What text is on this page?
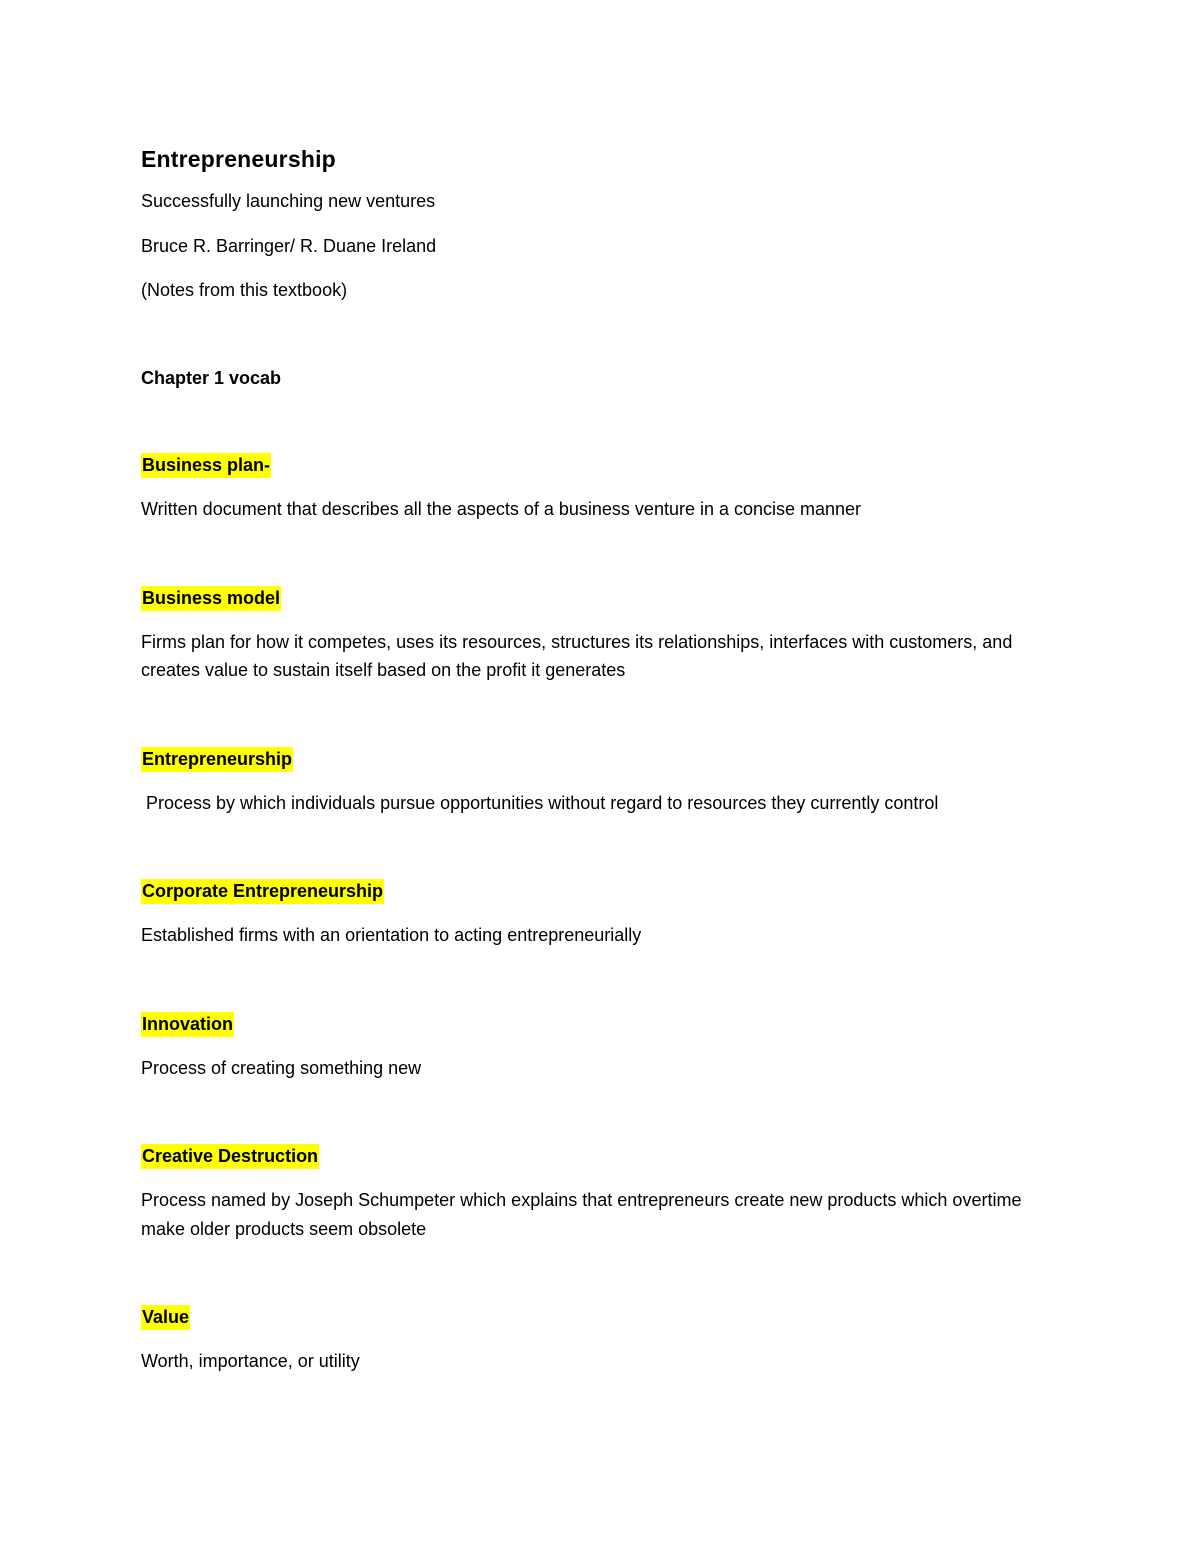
Entrepreneurship

Successfully launching new ventures

Bruce R. Barringer/ R. Duane Ireland

(Notes from this textbook)

Chapter 1 vocab

Business plan-

Written document that describes all the aspects of a business venture in a concise manner

Business model

Firms plan for how it competes, uses its resources, structures its relationships, interfaces with customers, and creates value to sustain itself based on the profit it generates

Entrepreneurship

Process by which individuals pursue opportunities without regard to resources they currently control

Corporate Entrepreneurship

Established firms with an orientation to acting entrepreneurially

Innovation

Process of creating something new

Creative Destruction

Process named by Joseph Schumpeter which explains that entrepreneurs create new products which overtime make older products seem obsolete

Value

Worth, importance, or utility
